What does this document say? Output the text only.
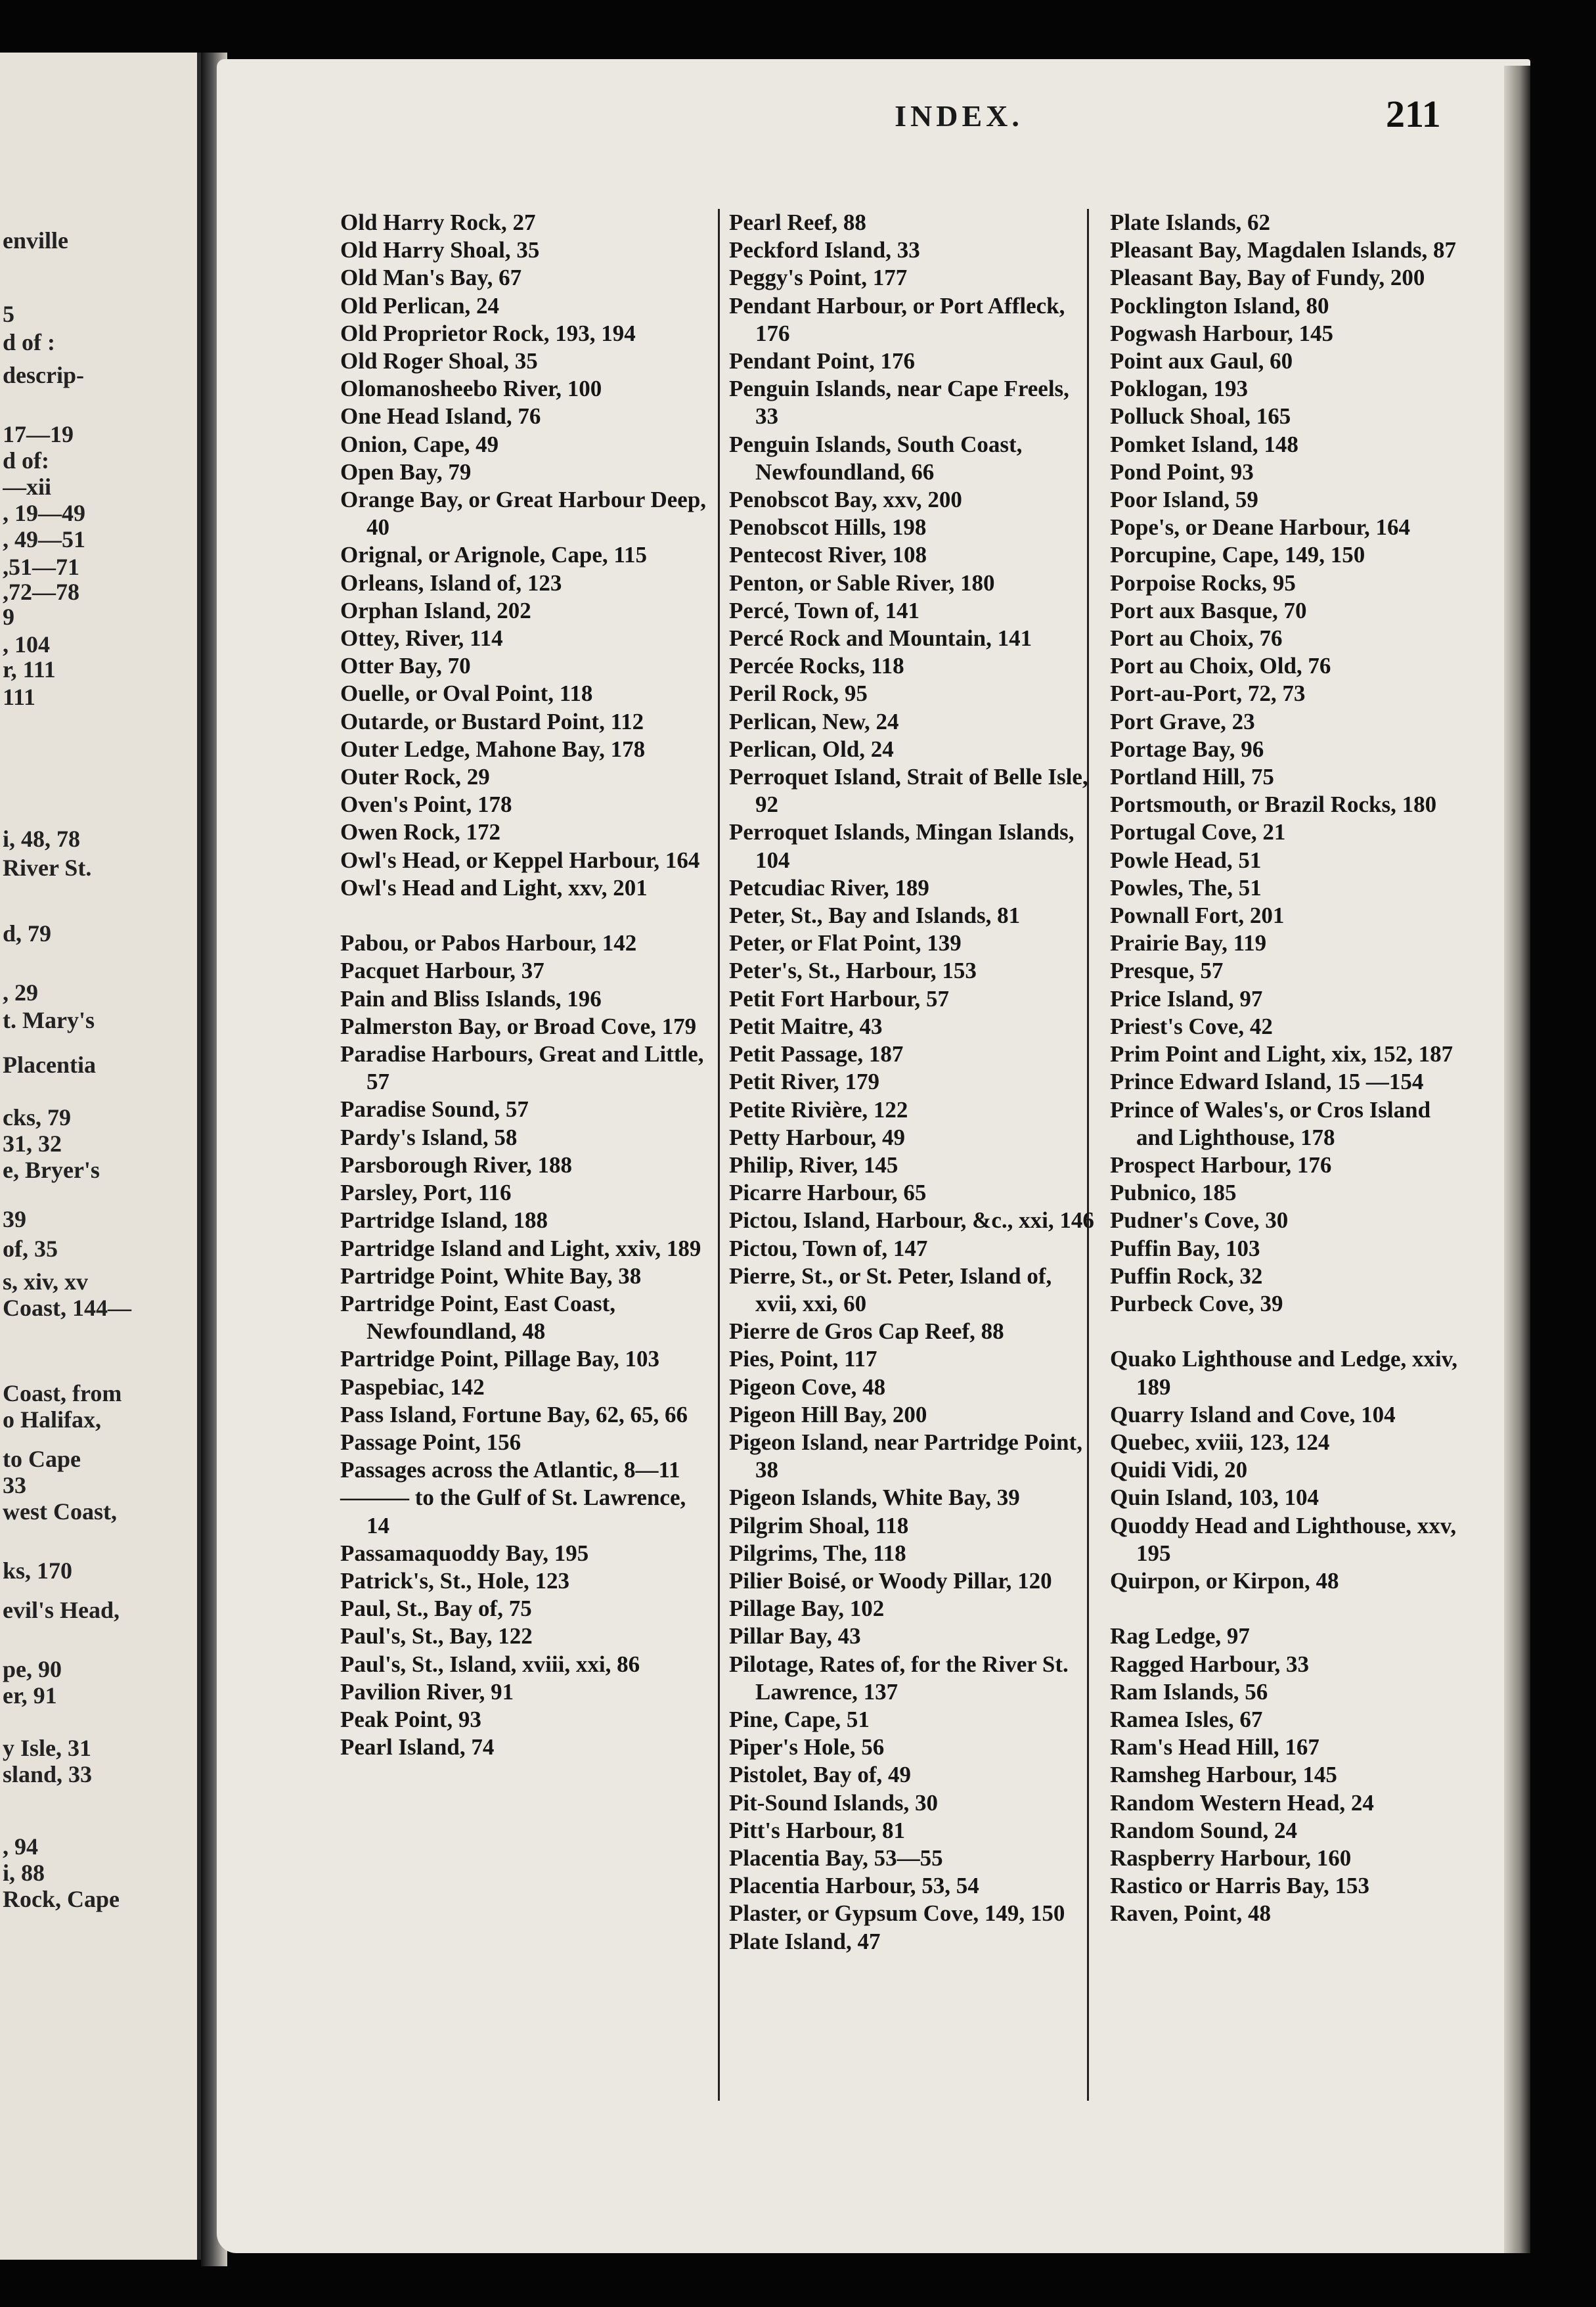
enville
5
d of :
descrip-
17—19
d of:
—xii
, 19—49
, 49—51
,51—71
,72—78
9
, 104
r, 111
111
i, 48, 78
River St.
d, 79
, 29
t. Mary's
Placentia
cks, 79
31, 32
e, Bryer's
39
of, 35
s, xiv, xv
Coast, 144—
Coast, from
o Halifax,
to Cape
33
west Coast,
ks, 170
evil's Head,
pe, 90
er, 91
y Isle, 31
sland, 33
, 94
i, 88
Rock, Cape
INDEX.	211
Old Harry Rock, 27
Old Harry Shoal, 35
Old Man's Bay, 67
Old Perlican, 24
Old Proprietor Rock, 193, 194
Old Roger Shoal, 35
Olomanosheebo River, 100
One Head Island, 76
Onion, Cape, 49
Open Bay, 79
Orange Bay, or Great Harbour Deep, 40
Orignal, or Arignole, Cape, 115
Orleans, Island of, 123
Orphan Island, 202
Ottey, River, 114
Otter Bay, 70
Ouelle, or Oval Point, 118
Outarde, or Bustard Point, 112
Outer Ledge, Mahone Bay, 178
Outer Rock, 29
Oven's Point, 178
Owen Rock, 172
Owl's Head, or Keppel Harbour, 164
Owl's Head and Light, xxv, 201
Pabou, or Pabos Harbour, 142
Pacquet Harbour, 37
Pain and Bliss Islands, 196
Palmerston Bay, or Broad Cove, 179
Paradise Harbours, Great and Little, 57
Paradise Sound, 57
Pardy's Island, 58
Parsborough River, 188
Parsley, Port, 116
Partridge Island, 188
Partridge Island and Light, xxiv, 189
Partridge Point, White Bay, 38
Partridge Point, East Coast, Newfoundland, 48
Partridge Point, Pillage Bay, 103
Paspebiac, 142
Pass Island, Fortune Bay, 62, 65, 66
Passage Point, 156
Passages across the Atlantic, 8—11
——— to the Gulf of St. Lawrence, 14
Passamaquoddy Bay, 195
Patrick's, St., Hole, 123
Paul, St., Bay of, 75
Paul's, St., Bay, 122
Paul's, St., Island, xviii, xxi, 86
Pavilion River, 91
Peak Point, 93
Pearl Island, 74
Pearl Reef, 88
Peckford Island, 33
Peggy's Point, 177
Pendant Harbour, or Port Affleck, 176
Pendant Point, 176
Penguin Islands, near Cape Freels, 33
Penguin Islands, South Coast, Newfoundland, 66
Penobscot Bay, xxv, 200
Penobscot Hills, 198
Pentecost River, 108
Penton, or Sable River, 180
Percé, Town of, 141
Percé Rock and Mountain, 141
Percée Rocks, 118
Peril Rock, 95
Perlican, New, 24
Perlican, Old, 24
Perroquet Island, Strait of Belle Isle, 92
Perroquet Islands, Mingan Islands, 104
Petcudiac River, 189
Peter, St., Bay and Islands, 81
Peter, or Flat Point, 139
Peter's, St., Harbour, 153
Petit Fort Harbour, 57
Petit Maitre, 43
Petit Passage, 187
Petit River, 179
Petite Rivière, 122
Petty Harbour, 49
Philip, River, 145
Picarre Harbour, 65
Pictou, Island, Harbour, &c., xxi, 146
Pictou, Town of, 147
Pierre, St., or St. Peter, Island of, xvii, xxi, 60
Pierre de Gros Cap Reef, 88
Pies, Point, 117
Pigeon Cove, 48
Pigeon Hill Bay, 200
Pigeon Island, near Partridge Point, 38
Pigeon Islands, White Bay, 39
Pilgrim Shoal, 118
Pilgrims, The, 118
Pilier Boisé, or Woody Pillar, 120
Pillage Bay, 102
Pillar Bay, 43
Pilotage, Rates of, for the River St. Lawrence, 137
Pine, Cape, 51
Piper's Hole, 56
Pistolet, Bay of, 49
Pit-Sound Islands, 30
Pitt's Harbour, 81
Placentia Bay, 53—55
Placentia Harbour, 53, 54
Plaster, or Gypsum Cove, 149, 150
Plate Island, 47
Plate Islands, 62
Pleasant Bay, Magdalen Islands, 87
Pleasant Bay, Bay of Fundy, 200
Pocklington Island, 80
Pogwash Harbour, 145
Point aux Gaul, 60
Poklogan, 193
Polluck Shoal, 165
Pomket Island, 148
Pond Point, 93
Poor Island, 59
Pope's, or Deane Harbour, 164
Porcupine, Cape, 149, 150
Porpoise Rocks, 95
Port aux Basque, 70
Port au Choix, 76
Port au Choix, Old, 76
Port-au-Port, 72, 73
Port Grave, 23
Portage Bay, 96
Portland Hill, 75
Portsmouth, or Brazil Rocks, 180
Portugal Cove, 21
Powle Head, 51
Powles, The, 51
Pownall Fort, 201
Prairie Bay, 119
Presque, 57
Price Island, 97
Priest's Cove, 42
Prim Point and Light, xix, 152, 187
Prince Edward Island, 15 —154
Prince of Wales's, or Cros Island and Lighthouse, 178
Prospect Harbour, 176
Pubnico, 185
Pudner's Cove, 30
Puffin Bay, 103
Puffin Rock, 32
Purbeck Cove, 39
Quako Lighthouse and Ledge, xxiv, 189
Quarry Island and Cove, 104
Quebec, xviii, 123, 124
Quidi Vidi, 20
Quin Island, 103, 104
Quoddy Head and Lighthouse, xxv, 195
Quirpon, or Kirpon, 48
Rag Ledge, 97
Ragged Harbour, 33
Ram Islands, 56
Ramea Isles, 67
Ram's Head Hill, 167
Ramsheg Harbour, 145
Random Western Head, 24
Random Sound, 24
Raspberry Harbour, 160
Rastico or Harris Bay, 153
Raven, Point, 48
